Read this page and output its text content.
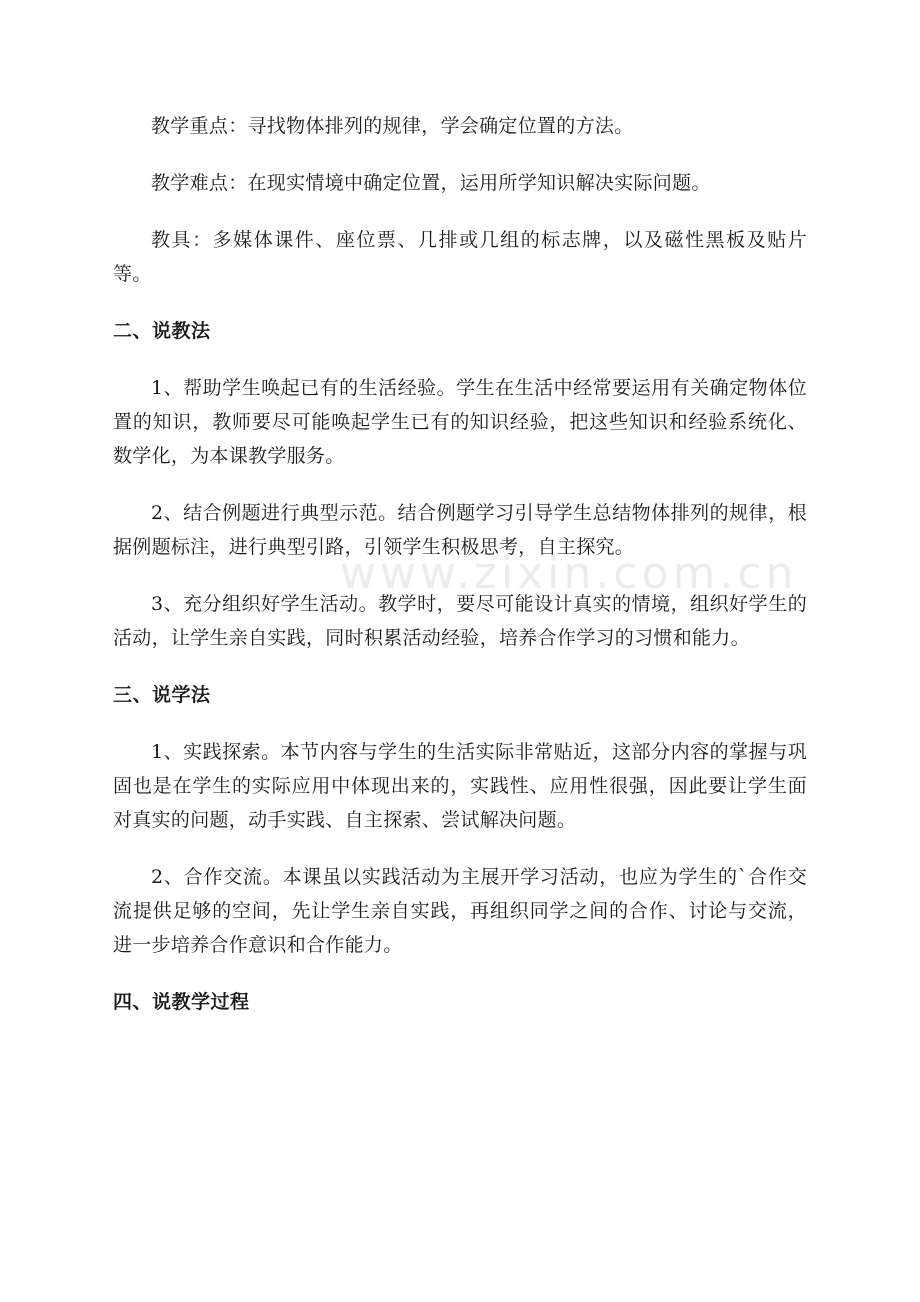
www.zixin.com.cn

教学重点：寻找物体排列的规律，学会确定位置的方法。

教学难点：在现实情境中确定位置，运用所学知识解决实际问题。

教具：多媒体课件、座位票、几排或几组的标志牌，以及磁性黑板及贴片等。

二、说教法

1、帮助学生唤起已有的生活经验。学生在生活中经常要运用有关确定物体位置的知识，教师要尽可能唤起学生已有的知识经验，把这些知识和经验系统化、数学化，为本课教学服务。

2、结合例题进行典型示范。结合例题学习引导学生总结物体排列的规律，根据例题标注，进行典型引路，引领学生积极思考，自主探究。

3、充分组织好学生活动。教学时，要尽可能设计真实的情境，组织好学生的活动，让学生亲自实践，同时积累活动经验，培养合作学习的习惯和能力。

三、说学法

1、实践探索。本节内容与学生的生活实际非常贴近，这部分内容的掌握与巩固也是在学生的实际应用中体现出来的，实践性、应用性很强，因此要让学生面对真实的问题，动手实践、自主探索、尝试解决问题。

2、合作交流。本课虽以实践活动为主展开学习活动，也应为学生的`合作交流提供足够的空间，先让学生亲自实践，再组织同学之间的合作、讨论与交流，进一步培养合作意识和合作能力。

四、说教学过程
